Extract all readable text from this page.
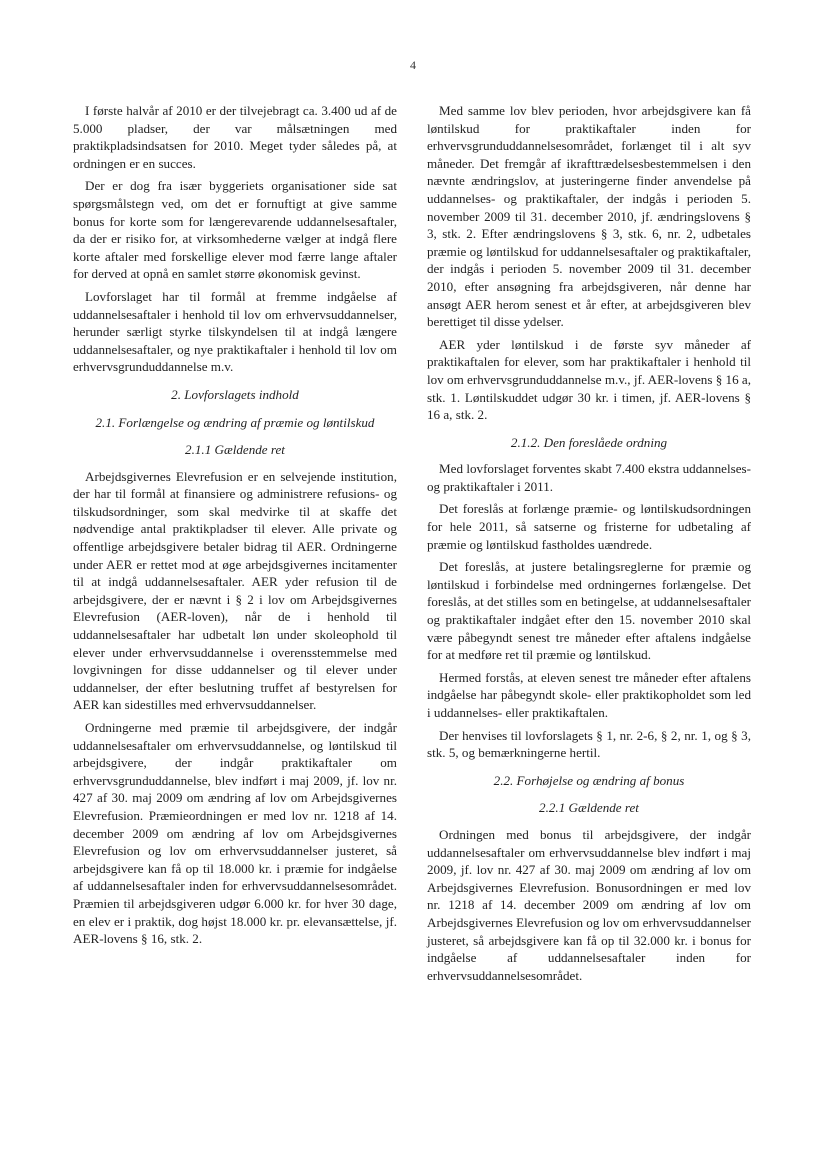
4

I første halvår af 2010 er der tilvejebragt ca. 3.400 ud af de 5.000 pladser, der var målsætningen med praktikpladsindsatsen for 2010. Meget tyder således på, at ordningen er en succes.

Der er dog fra især byggeriets organisationer side sat spørgsmålstegn ved, om det er fornuftigt at give samme bonus for korte som for længerevarende uddannelsesaftaler, da der er risiko for, at virksomhederne vælger at indgå flere korte aftaler med forskellige elever mod færre lange aftaler for derved at opnå en samlet større økonomisk gevinst.

Lovforslaget har til formål at fremme indgåelse af uddannelsesaftaler i henhold til lov om erhvervsuddannelser, herunder særligt styrke tilskyndelsen til at indgå længere uddannelsesaftaler, og nye praktikaftaler i henhold til lov om erhvervsgrunduddannelse m.v.

2. Lovforslagets indhold
2.1. Forlængelse og ændring af præmie og løntilskud
2.1.1 Gældende ret

Arbejdsgivernes Elevrefusion er en selvejende institution, der har til formål at finansiere og administrere refusions- og tilskudsordninger, som skal medvirke til at skaffe det nødvendige antal praktikpladser til elever. Alle private og offentlige arbejdsgivere betaler bidrag til AER. Ordningerne under AER er rettet mod at øge arbejdsgivernes incitamenter til at indgå uddannelsesaftaler. AER yder refusion til de arbejdsgivere, der er nævnt i § 2 i lov om Arbejdsgivernes Elevrefusion (AER-loven), når de i henhold til uddannelsesaftaler har udbetalt løn under skoleophold til elever under erhvervsuddannelse i overensstemmelse med lovgivningen for disse uddannelser og til elever under uddannelser, der efter beslutning truffet af bestyrelsen for AER kan sidestilles med erhvervsuddannelser.

Ordningerne med præmie til arbejdsgivere, der indgår uddannelsesaftaler om erhvervsuddannelse, og løntilskud til arbejdsgivere, der indgår praktikaftaler om erhvervsgrunduddannelse, blev indført i maj 2009, jf. lov nr. 427 af 30. maj 2009 om ændring af lov om Arbejdsgivernes Elevrefusion. Præmieordningen er med lov nr. 1218 af 14. december 2009 om ændring af lov om Arbejdsgivernes Elevrefusion og lov om erhvervsuddannelser justeret, så arbejdsgivere kan få op til 18.000 kr. i præmie for indgåelse af uddannelsesaftaler inden for erhvervsuddannelsesområdet. Præmien til arbejdsgiveren udgør 6.000 kr. for hver 30 dage, en elev er i praktik, dog højst 18.000 kr. pr. elevansættelse, jf. AER-lovens § 16, stk. 2.

Med samme lov blev perioden, hvor arbejdsgivere kan få løntilskud for praktikaftaler inden for erhvervsgrunduddannelsesområdet, forlænget til i alt syv måneder. Det fremgår af ikrafttrædelsesbestemmelsen i den nævnte ændringslov, at justeringerne finder anvendelse på uddannelses- og praktikaftaler, der indgås i perioden 5. november 2009 til 31. december 2010, jf. ændringslovens § 3, stk. 2. Efter ændringslovens § 3, stk. 6, nr. 2, udbetales præmie og løntilskud for uddannelsesaftaler og praktikaftaler, der indgås i perioden 5. november 2009 til 31. december 2010, efter ansøgning fra arbejdsgiveren, når denne har ansøgt AER herom senest et år efter, at arbejdsgiveren blev berettiget til disse ydelser.

AER yder løntilskud i de første syv måneder af praktikaftalen for elever, som har praktikaftaler i henhold til lov om erhvervsgrunduddannelse m.v., jf. AER-lovens § 16 a, stk. 1. Løntilskuddet udgør 30 kr. i timen, jf. AER-lovens § 16 a, stk. 2.

2.1.2. Den foreslåede ordning

Med lovforslaget forventes skabt 7.400 ekstra uddannelses- og praktikaftaler i 2011.

Det foreslås at forlænge præmie- og løntilskudsordningen for hele 2011, så satserne og fristerne for udbetaling af præmie og løntilskud fastholdes uændrede.

Det foreslås, at justere betalingsreglerne for præmie og løntilskud i forbindelse med ordningernes forlængelse. Det foreslås, at det stilles som en betingelse, at uddannelsesaftaler og praktikaftaler indgået efter den 15. november 2010 skal være påbegyndt senest tre måneder efter aftalens indgåelse for at medføre ret til præmie og løntilskud.

Hermed forstås, at eleven senest tre måneder efter aftalens indgåelse har påbegyndt skole- eller praktikopholdet som led i uddannelses- eller praktikaftalen.

Der henvises til lovforslagets § 1, nr. 2-6, § 2, nr. 1, og § 3, stk. 5, og bemærkningerne hertil.

2.2. Forhøjelse og ændring af bonus
2.2.1 Gældende ret

Ordningen med bonus til arbejdsgivere, der indgår uddannelsesaftaler om erhvervsuddannelse blev indført i maj 2009, jf. lov nr. 427 af 30. maj 2009 om ændring af lov om Arbejdsgivernes Elevrefusion. Bonusordningen er med lov nr. 1218 af 14. december 2009 om ændring af lov om Arbejdsgivernes Elevrefusion og lov om erhvervsuddannelser justeret, så arbejdsgivere kan få op til 32.000 kr. i bonus for indgåelse af uddannelsesaftaler inden for erhvervsuddannelsesområdet.
